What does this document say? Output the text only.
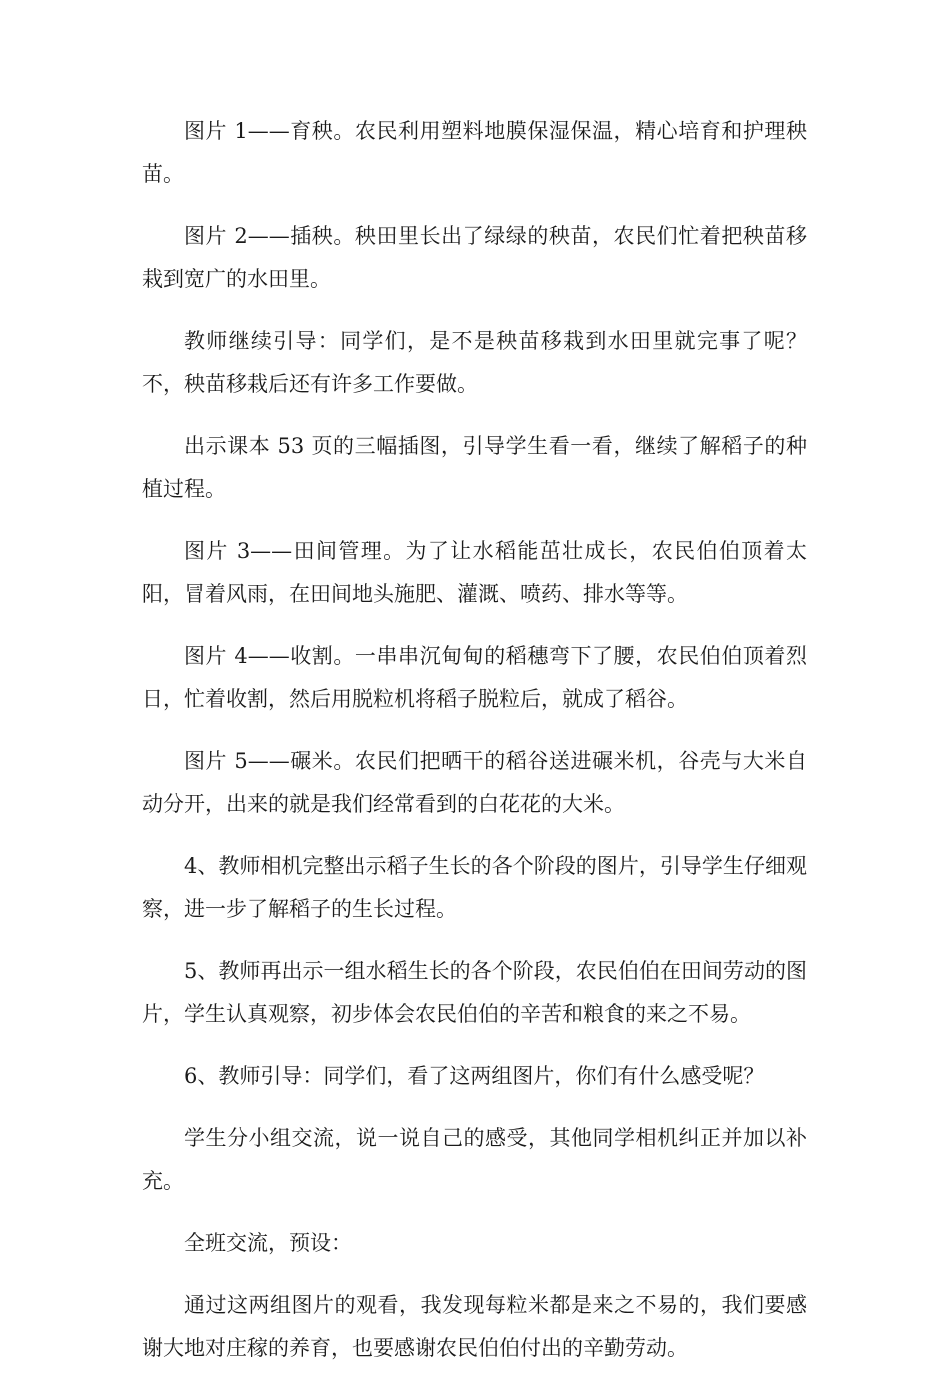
图片 1——育秧。农民利用塑料地膜保湿保温，精心培育和护理秧苗。

图片 2——插秧。秧田里长出了绿绿的秧苗，农民们忙着把秧苗移栽到宽广的水田里。

教师继续引导：同学们，是不是秧苗移栽到水田里就完事了呢？不，秧苗移栽后还有许多工作要做。

出示课本 53 页的三幅插图，引导学生看一看，继续了解稻子的种植过程。

图片 3——田间管理。为了让水稻能茁壮成长，农民伯伯顶着太阳，冒着风雨，在田间地头施肥、灌溉、喷药、排水等等。

图片 4——收割。一串串沉甸甸的稻穗弯下了腰，农民伯伯顶着烈日，忙着收割，然后用脱粒机将稻子脱粒后，就成了稻谷。

图片 5——碾米。农民们把晒干的稻谷送进碾米机，谷壳与大米自动分开，出来的就是我们经常看到的白花花的大米。

4、教师相机完整出示稻子生长的各个阶段的图片，引导学生仔细观察，进一步了解稻子的生长过程。

5、教师再出示一组水稻生长的各个阶段，农民伯伯在田间劳动的图片，学生认真观察，初步体会农民伯伯的辛苦和粮食的来之不易。

6、教师引导：同学们，看了这两组图片，你们有什么感受呢？

学生分小组交流，说一说自己的感受，其他同学相机纠正并加以补充。

全班交流，预设：

通过这两组图片的观看，我发现每粒米都是来之不易的，我们要感谢大地对庄稼的养育，也要感谢农民伯伯付出的辛勤劳动。
